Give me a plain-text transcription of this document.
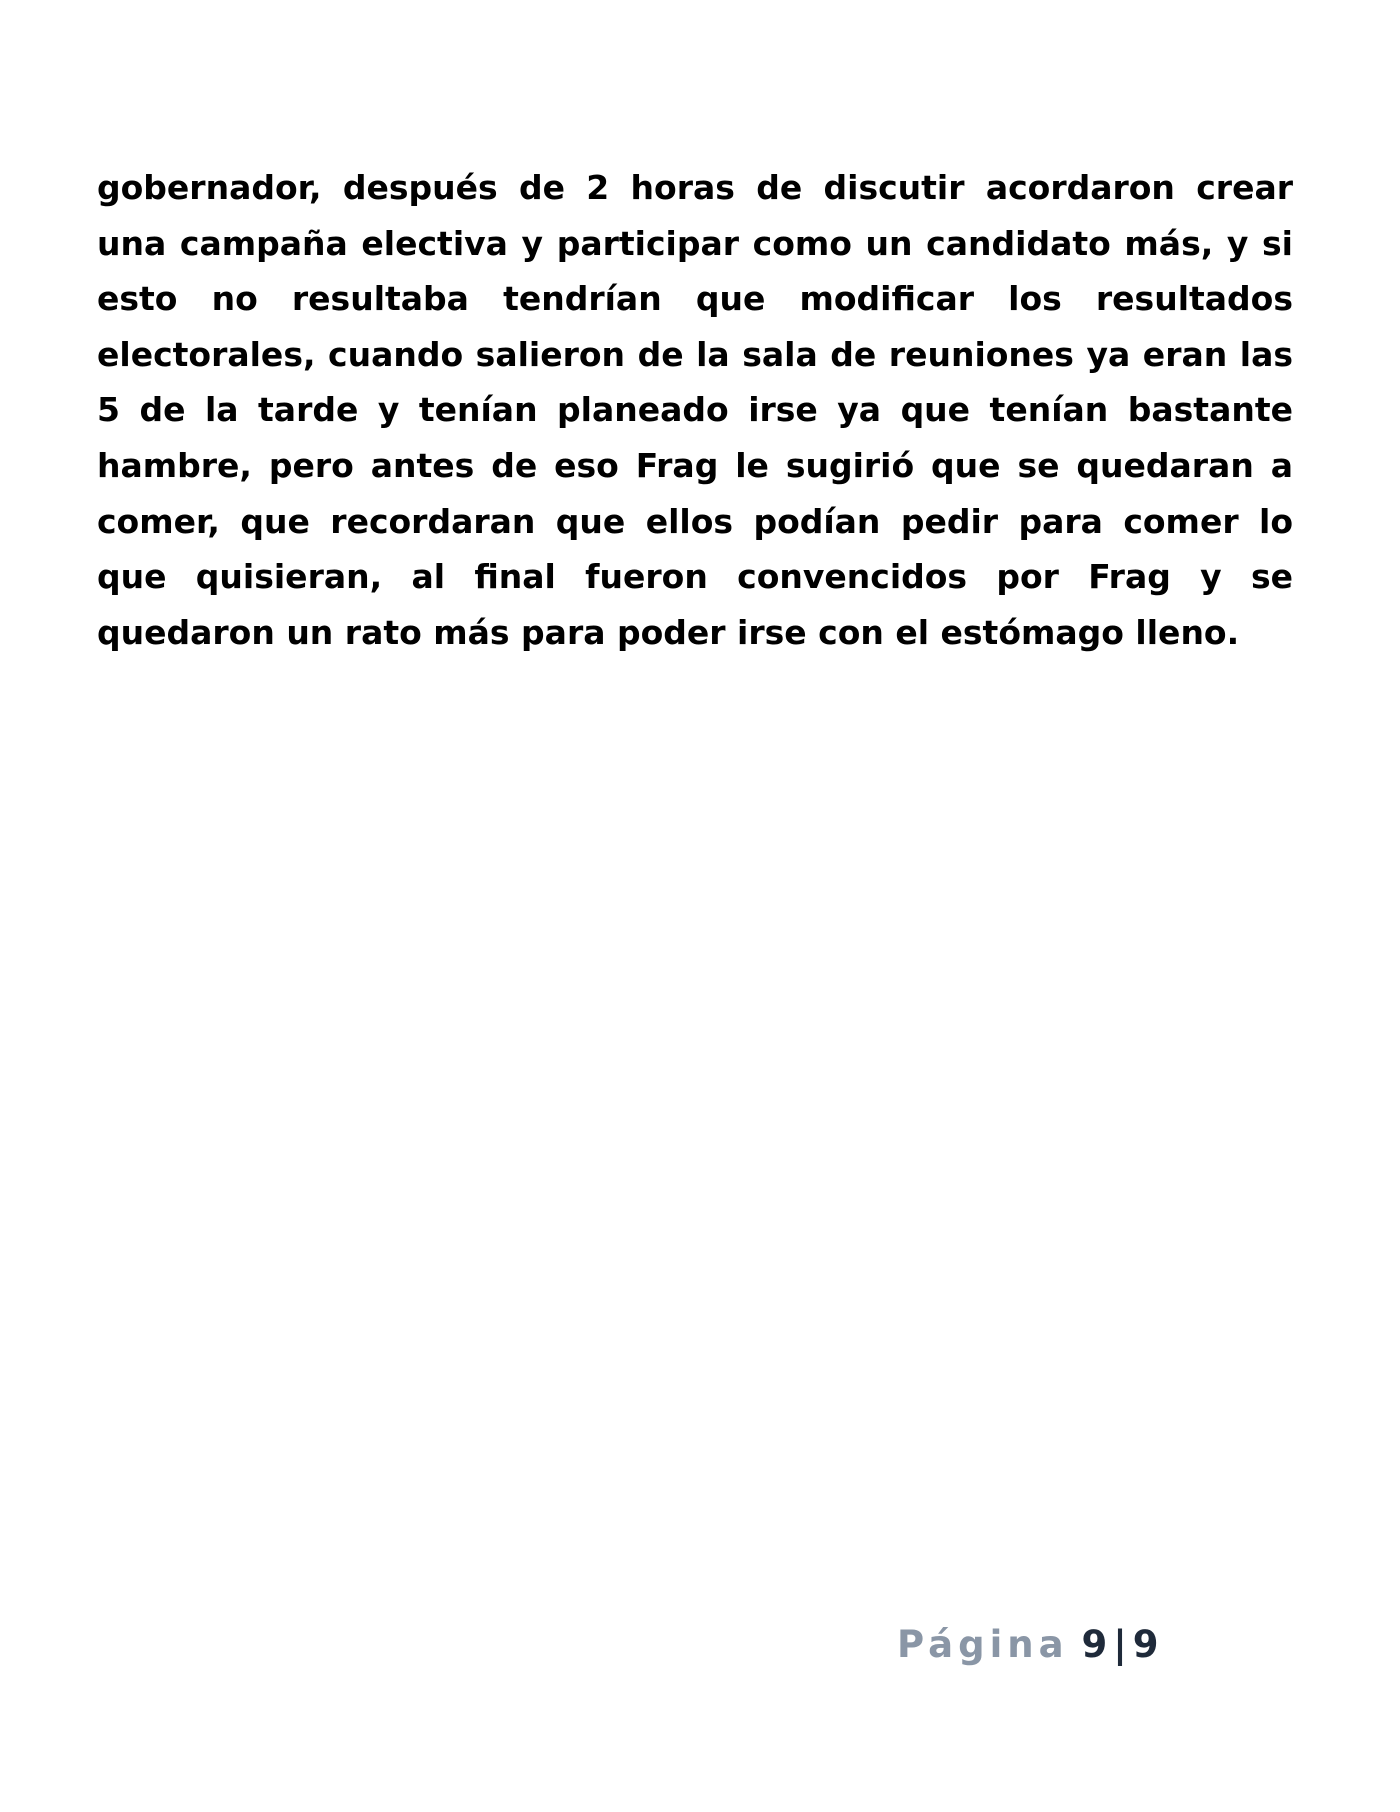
gobernador, después de 2 horas de discutir acordaron crear una campaña electiva y participar como un candidato más, y si esto no resultaba tendrían que modificar los resultados electorales, cuando salieron de la sala de reuniones ya eran las 5 de la tarde y tenían planeado irse ya que tenían bastante hambre, pero antes de eso Frag le sugirió que se quedaran a comer, que recordaran que ellos podían pedir para comer lo que quisieran, al final fueron convencidos por Frag y se quedaron un rato más para poder irse con el estómago lleno.

Página 9 | 9
